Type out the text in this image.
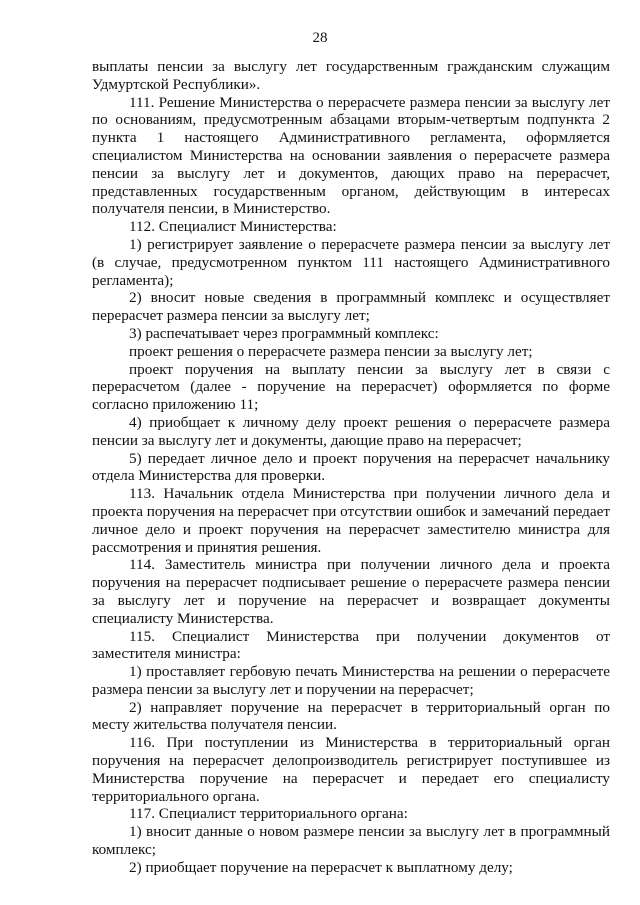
28

выплаты пенсии за выслугу лет государственным гражданским служащим Удмуртской Республики».

111. Решение Министерства о перерасчете размера пенсии за выслугу лет по основаниям, предусмотренным абзацами вторым-четвертым подпункта 2 пункта 1 настоящего Административного регламента, оформляется специалистом Министерства на основании заявления о перерасчете размера пенсии за выслугу лет и документов, дающих право на перерасчет, представленных государственным органом, действующим в интересах получателя пенсии, в Министерство.

112. Специалист Министерства:

1) регистрирует заявление о перерасчете размера пенсии за выслугу лет (в случае, предусмотренном пунктом 111 настоящего Административного регламента);

2) вносит новые сведения в программный комплекс и осуществляет перерасчет размера пенсии за выслугу лет;

3) распечатывает через программный комплекс:

проект решения о перерасчете размера пенсии за выслугу лет;

проект поручения на выплату пенсии за выслугу лет в связи с перерасчетом (далее - поручение на перерасчет) оформляется по форме согласно приложению 11;

4) приобщает к личному делу проект решения о перерасчете размера пенсии за выслугу лет и документы, дающие право на перерасчет;

5) передает личное дело и проект поручения на перерасчет начальнику отдела Министерства для проверки.

113. Начальник отдела Министерства при получении личного дела и проекта поручения на перерасчет при отсутствии ошибок и замечаний передает личное дело и проект поручения на перерасчет заместителю министра для рассмотрения и принятия решения.

114. Заместитель министра при получении личного дела и проекта поручения на перерасчет подписывает решение о перерасчете размера пенсии за выслугу лет и поручение на перерасчет и возвращает документы специалисту Министерства.

115. Специалист Министерства при получении документов от заместителя министра:

1) проставляет гербовую печать Министерства на решении о перерасчете размера пенсии за выслугу лет и поручении на перерасчет;

2) направляет поручение на перерасчет в территориальный орган по месту жительства получателя пенсии.

116. При поступлении из Министерства в территориальный орган поручения на перерасчет делопроизводитель регистрирует поступившее из Министерства поручение на перерасчет и передает его специалисту территориального органа.

117. Специалист территориального органа:

1) вносит данные о новом размере пенсии за выслугу лет в программный комплекс;

2) приобщает поручение на перерасчет к выплатному делу;
